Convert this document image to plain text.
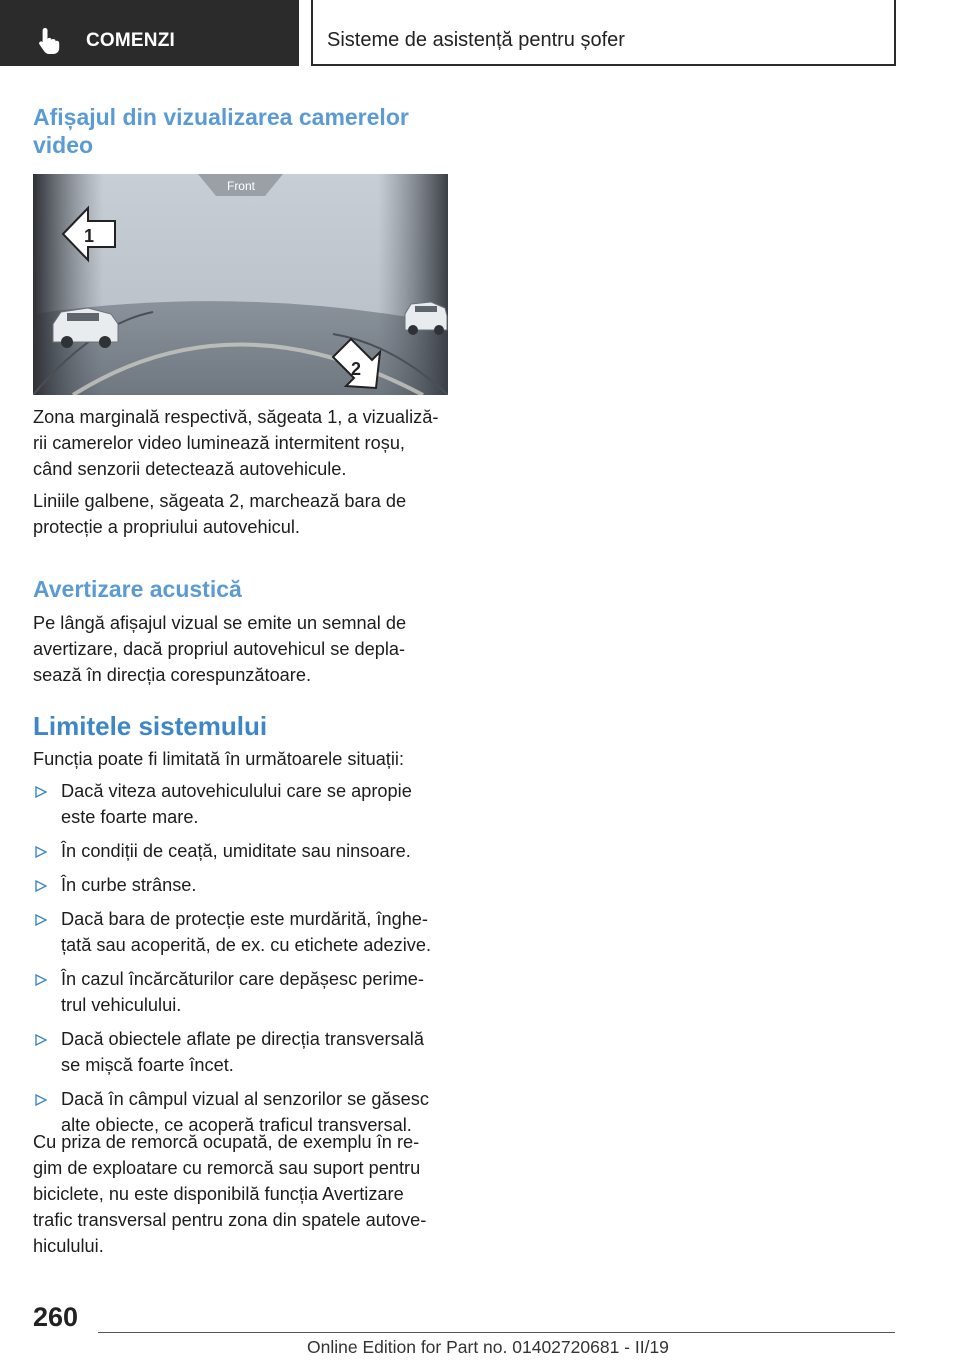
COMENZI	Sisteme de asistență pentru șofer
Afișajul din vizualizarea camerelor
video
Front
1
2
Zona marginală respectivă, săgeata 1, a vizualiză-
rii camerelor video luminează intermitent roșu,
când senzorii detectează autovehicule.
Liniile galbene, săgeata 2, marchează bara de
protecție a propriului autovehicul.
Avertizare acustică
Pe lângă afișajul vizual se emite un semnal de
avertizare, dacă propriul autovehicul se depla-
sează în direcția corespunzătoare.
Limitele sistemului
Funcția poate fi limitată în următoarele situații:
Dacă viteza autovehiculului care se apropie
este foarte mare.
În condiții de ceață, umiditate sau ninsoare.
În curbe strânse.
Dacă bara de protecție este murdărită, înghe-
țată sau acoperită, de ex. cu etichete adezive.
În cazul încărcăturilor care depășesc perime-
trul vehiculului.
Dacă obiectele aflate pe direcția transversală
se mișcă foarte încet.
Dacă în câmpul vizual al senzorilor se găsesc
alte obiecte, ce acoperă traficul transversal.
Cu priza de remorcă ocupată, de exemplu în re-
gim de exploatare cu remorcă sau suport pentru
biciclete, nu este disponibilă funcția Avertizare
trafic transversal pentru zona din spatele autove-
hiculului.
260
Online Edition for Part no. 01402720681 - II/19
